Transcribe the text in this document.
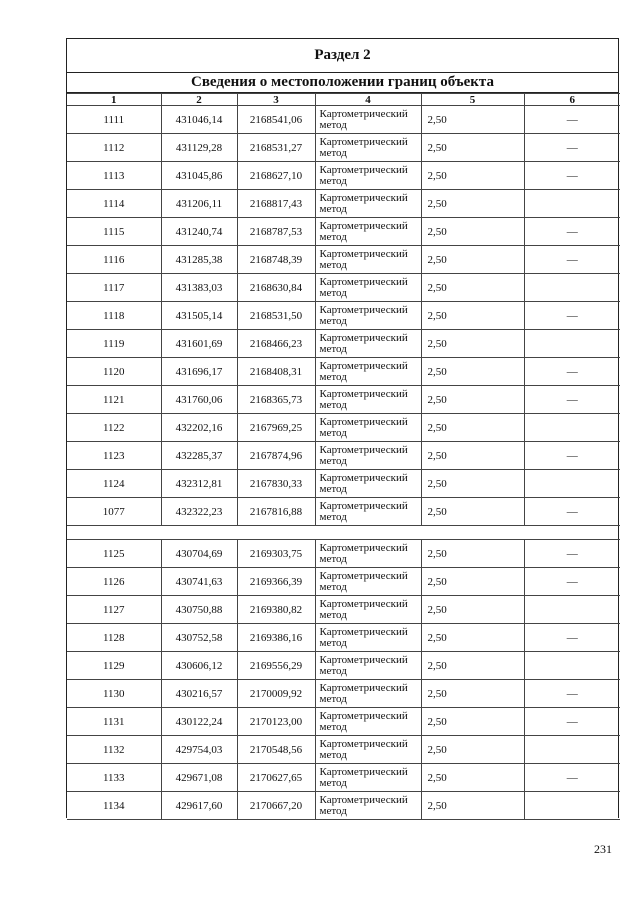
Раздел 2
Сведения о местоположении границ объекта
1	2	3	4	5	6
1111	431046,14	2168541,06	Картометрический метод	2,50	—
1112	431129,28	2168531,27	Картометрический метод	2,50	—
1113	431045,86	2168627,10	Картометрический метод	2,50	—
1114	431206,11	2168817,43	Картометрический метод	2,50	
1115	431240,74	2168787,53	Картометрический метод	2,50	—
1116	431285,38	2168748,39	Картометрический метод	2,50	—
1117	431383,03	2168630,84	Картометрический метод	2,50	
1118	431505,14	2168531,50	Картометрический метод	2,50	—
1119	431601,69	2168466,23	Картометрический метод	2,50	
1120	431696,17	2168408,31	Картометрический метод	2,50	—
1121	431760,06	2168365,73	Картометрический метод	2,50	—
1122	432202,16	2167969,25	Картометрический метод	2,50	
1123	432285,37	2167874,96	Картометрический метод	2,50	—
1124	432312,81	2167830,33	Картометрический метод	2,50	
1077	432322,23	2167816,88	Картометрический метод	2,50	—

1125	430704,69	2169303,75	Картометрический метод	2,50	—
1126	430741,63	2169366,39	Картометрический метод	2,50	—
1127	430750,88	2169380,82	Картометрический метод	2,50	
1128	430752,58	2169386,16	Картометрический метод	2,50	—
1129	430606,12	2169556,29	Картометрический метод	2,50	
1130	430216,57	2170009,92	Картометрический метод	2,50	—
1131	430122,24	2170123,00	Картометрический метод	2,50	—
1132	429754,03	2170548,56	Картометрический метод	2,50	
1133	429671,08	2170627,65	Картометрический метод	2,50	—
1134	429617,60	2170667,20	Картометрический метод	2,50	
231
